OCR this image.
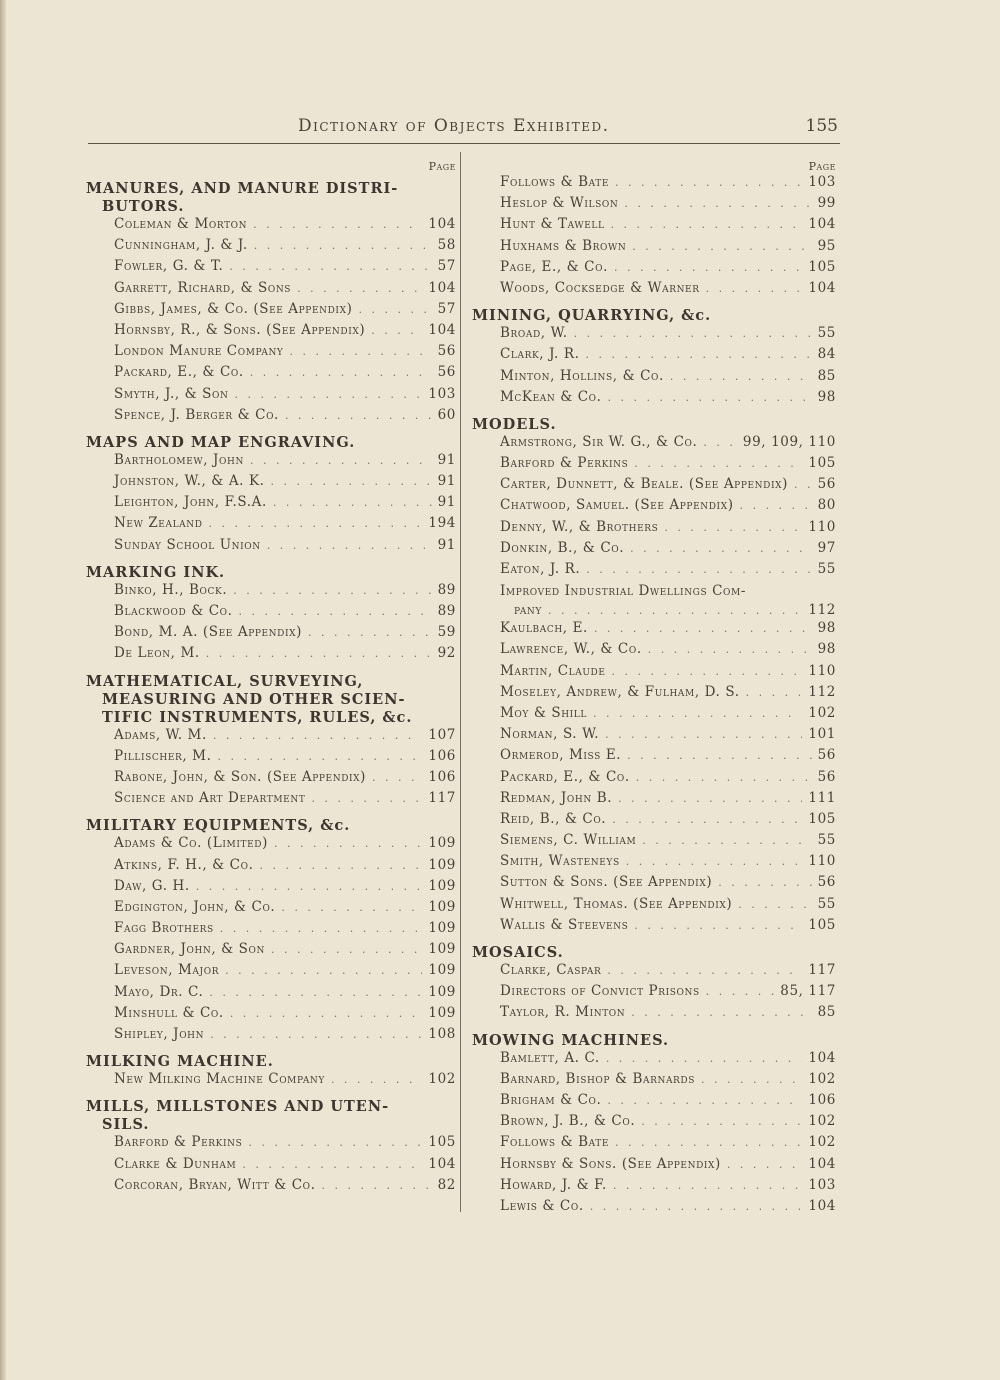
Dictionary of Objects Exhibited.	155
Page
MANURES, AND MANURE DISTRI-

BUTORS.
Coleman & Morton . . .	104
Cunningham, J. & J. . . .	58
Fowler, G. & T. . . .	57
Garrett, Richard, & Sons . . .	104
Gibbs, James, & Co. (See Appendix) . . .	57
Hornsby, R., & Sons. (See Appendix) . . .	104
London Manure Company . . .	56
Packard, E., & Co. . . .	56
Smyth, J., & Son . . .	103
Spence, J. Berger & Co. . . .	60
MAPS AND MAP ENGRAVING.
Bartholomew, John . . .	91
Johnston, W., & A. K. . . .	91
Leighton, John, F.S.A. . . .	91
New Zealand . . .	194
Sunday School Union . . .	91
MARKING INK.
Binko, H., Bock. . . .	89
Blackwood & Co. . . .	89
Bond, M. A. (See Appendix) . . .	59
De Leon, M. . . .	92
MATHEMATICAL, SURVEYING,

MEASURING AND OTHER SCIEN-
TIFIC INSTRUMENTS, RULES, &c.
Adams, W. M. . . .	107
Pillischer, M. . . .	106
Rabone, John, & Son. (See Appendix) . . .	106
Science and Art Department . . .	117
MILITARY EQUIPMENTS, &c.
Adams & Co. (Limited) . . .	109
Atkins, F. H., & Co. . . .	109
Daw, G. H. . . .	109
Edgington, John, & Co. . . .	109
Fagg Brothers . . .	109
Gardner, John, & Son . . .	109
Leveson, Major . . .	109
Mayo, Dr. C. . . .	109
Minshull & Co. . . .	109
Shipley, John . . .	108
MILKING MACHINE.
New Milking Machine Company . . .	102
MILLS, MILLSTONES AND UTEN-

SILS.
Barford & Perkins . . .	105
Clarke & Dunham . . .	104
Corcoran, Bryan, Witt & Co. . . .	82
Page
Follows & Bate . . .	103
Heslop & Wilson . . .	99
Hunt & Tawell . . .	104
Huxhams & Brown . . .	95
Page, E., & Co. . . .	105
Woods, Cocksedge & Warner . . .	104
MINING, QUARRYING, &c.
Broad, W. . . .	55
Clark, J. R. . . .	84
Minton, Hollins, & Co. . . .	85
McKean & Co. . . .	98
MODELS.
Armstrong, Sir W. G., & Co. . . .	99, 109, 110
Barford & Perkins . . .	105
Carter, Dunnett, & Beale. (See Appendix) . . . 56
Chatwood, Samuel. (See Appendix) . . .	80
Denny, W., & Brothers . . .	110
Donkin, B., & Co. . . .	97
Eaton, J. R. . . .	55
Improved Industrial Dwellings Com-
pany . . .	112
Kaulbach, E. . . .	98
Lawrence, W., & Co. . . .	98
Martin, Claude . . .	110
Moseley, Andrew, & Fulham, D. S. . . .	112
Moy & Shill . . .	102
Norman, S. W. . . .	101
Ormerod, Miss E. . . .	56
Packard, E., & Co. . . .	56
Redman, John B. . . .	111
Reid, B., & Co. . . .	105
Siemens, C. William . . .	55
Smith, Wasteneys . . .	110
Sutton & Sons. (See Appendix) . . .	56
Whitwell, Thomas. (See Appendix) . . .	55
Wallis & Steevens . . .	105
MOSAICS.
Clarke, Caspar . . .	117
Directors of Convict Prisons . . .	85, 117
Taylor, R. Minton . . .	85
MOWING MACHINES.
Bamlett, A. C. . . .	104
Barnard, Bishop & Barnards . . .	102
Brigham & Co. . . .	106
Brown, J. B., & Co. . . .	102
Follows & Bate . . .	102
Hornsby & Sons. (See Appendix) . . .	104
Howard, J. & F. . . .	103
Lewis & Co. . . .	104
